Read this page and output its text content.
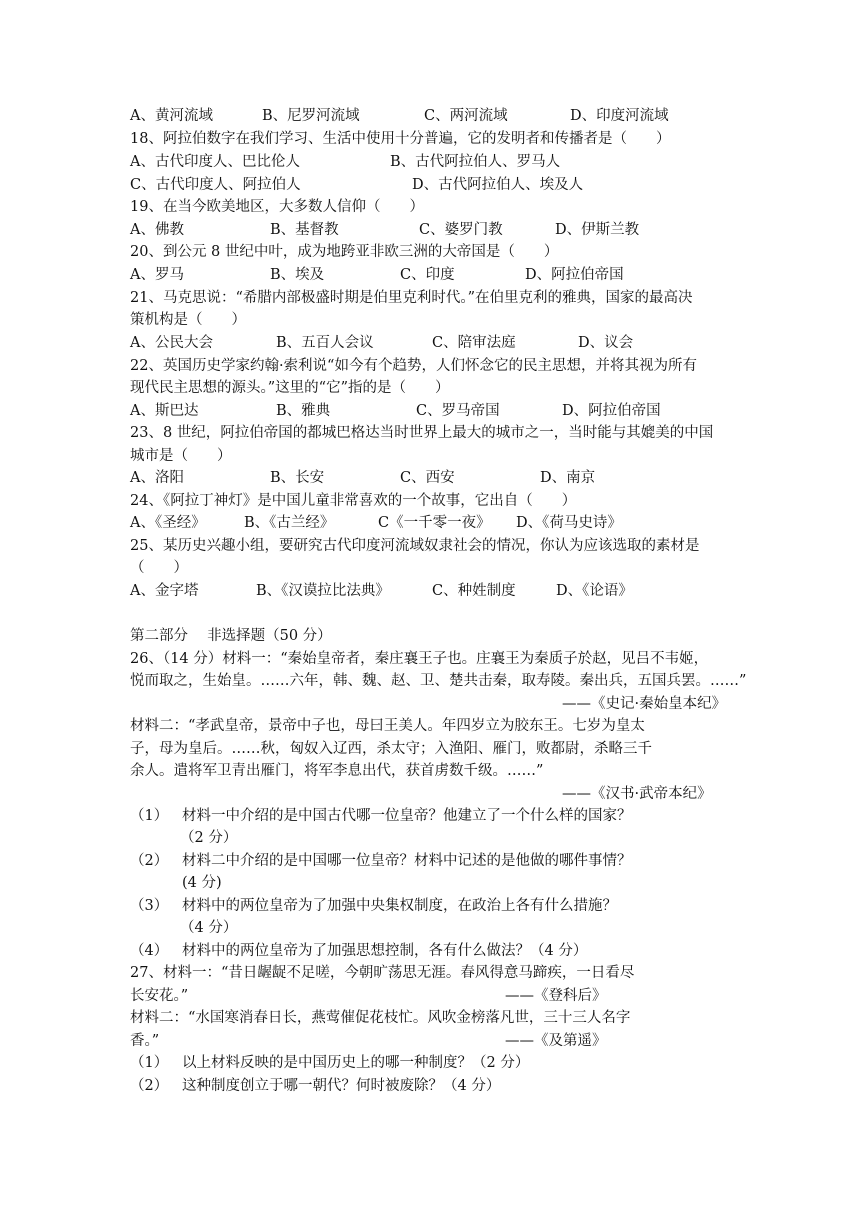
A、黄河流域	B、尼罗河流域	C、两河流域	D、印度河流域
18、阿拉伯数字在我们学习、生活中使用十分普遍，它的发明者和传播者是（　　）
A、古代印度人、巴比伦人	B、古代阿拉伯人、罗马人
C、古代印度人、阿拉伯人	D、古代阿拉伯人、埃及人
19、在当今欧美地区，大多数人信仰（　　）
A、佛教	B、基督教	C、婆罗门教	D、伊斯兰教
20、到公元 8 世纪中叶，成为地跨亚非欧三洲的大帝国是（　　）
A、罗马	B、埃及	C、印度	D、阿拉伯帝国
21、马克思说：“希腊内部极盛时期是伯里克利时代。”在伯里克利的雅典，国家的最高决
策机构是（　　）
A、公民大会	B、五百人会议	C、陪审法庭	D、议会
22、英国历史学家约翰·索利说“如今有个趋势，人们怀念它的民主思想，并将其视为所有
现代民主思想的源头。”这里的“它”指的是（　　）
A、斯巴达	B、雅典	C、罗马帝国	D、阿拉伯帝国
23、8 世纪，阿拉伯帝国的都城巴格达当时世界上最大的城市之一，当时能与其媲美的中国
城市是（　　）
A、洛阳	B、长安	C、西安	D、南京
24、《阿拉丁神灯》是中国儿童非常喜欢的一个故事，它出自（　　）
A、《圣经》	B、《古兰经》	C《一千零一夜》 D、《荷马史诗》
25、某历史兴趣小组，要研究古代印度河流域奴隶社会的情况，你认为应该选取的素材是
（　　）
A、金字塔	B、《汉谟拉比法典》	C、种姓制度	D、《论语》
第二部分　 非选择题（50 分）
26、（14 分）材料一：“秦始皇帝者，秦庄襄王子也。庄襄王为秦质子於赵，见吕不韦姬，
悦而取之，生始皇。……六年，韩、魏、赵、卫、楚共击秦，取寿陵。秦出兵，五国兵罢。……”
——《史记·秦始皇本纪》
材料二：“孝武皇帝，景帝中子也，母曰王美人。年四岁立为胶东王。七岁为皇太
子，母为皇后。……秋，匈奴入辽西，杀太守；入渔阳、雁门，败都尉，杀略三千
余人。遣将军卫青出雁门，将军李息出代，获首虏数千级。……”
——《汉书·武帝本纪》
（1） 材料一中介绍的是中国古代哪一位皇帝？他建立了一个什么样的国家？
（2 分）
（2） 材料二中介绍的是中国哪一位皇帝？材料中记述的是他做的哪件事情？
(4 分)
（3） 材料中的两位皇帝为了加强中央集权制度，在政治上各有什么措施？
（4 分）
（4） 材料中的两位皇帝为了加强思想控制，各有什么做法？（4 分）
27、材料一：“昔日龌龊不足嗟，今朝旷荡思无涯。春风得意马蹄疾，一日看尽
长安花。”	——《登科后》
材料二：“水国寒消春日长，燕莺催促花枝忙。风吹金榜落凡世，三十三人名字
香。”	——《及第遥》
（1） 以上材料反映的是中国历史上的哪一种制度？（2 分）
（2） 这种制度创立于哪一朝代？何时被废除？（4 分）
